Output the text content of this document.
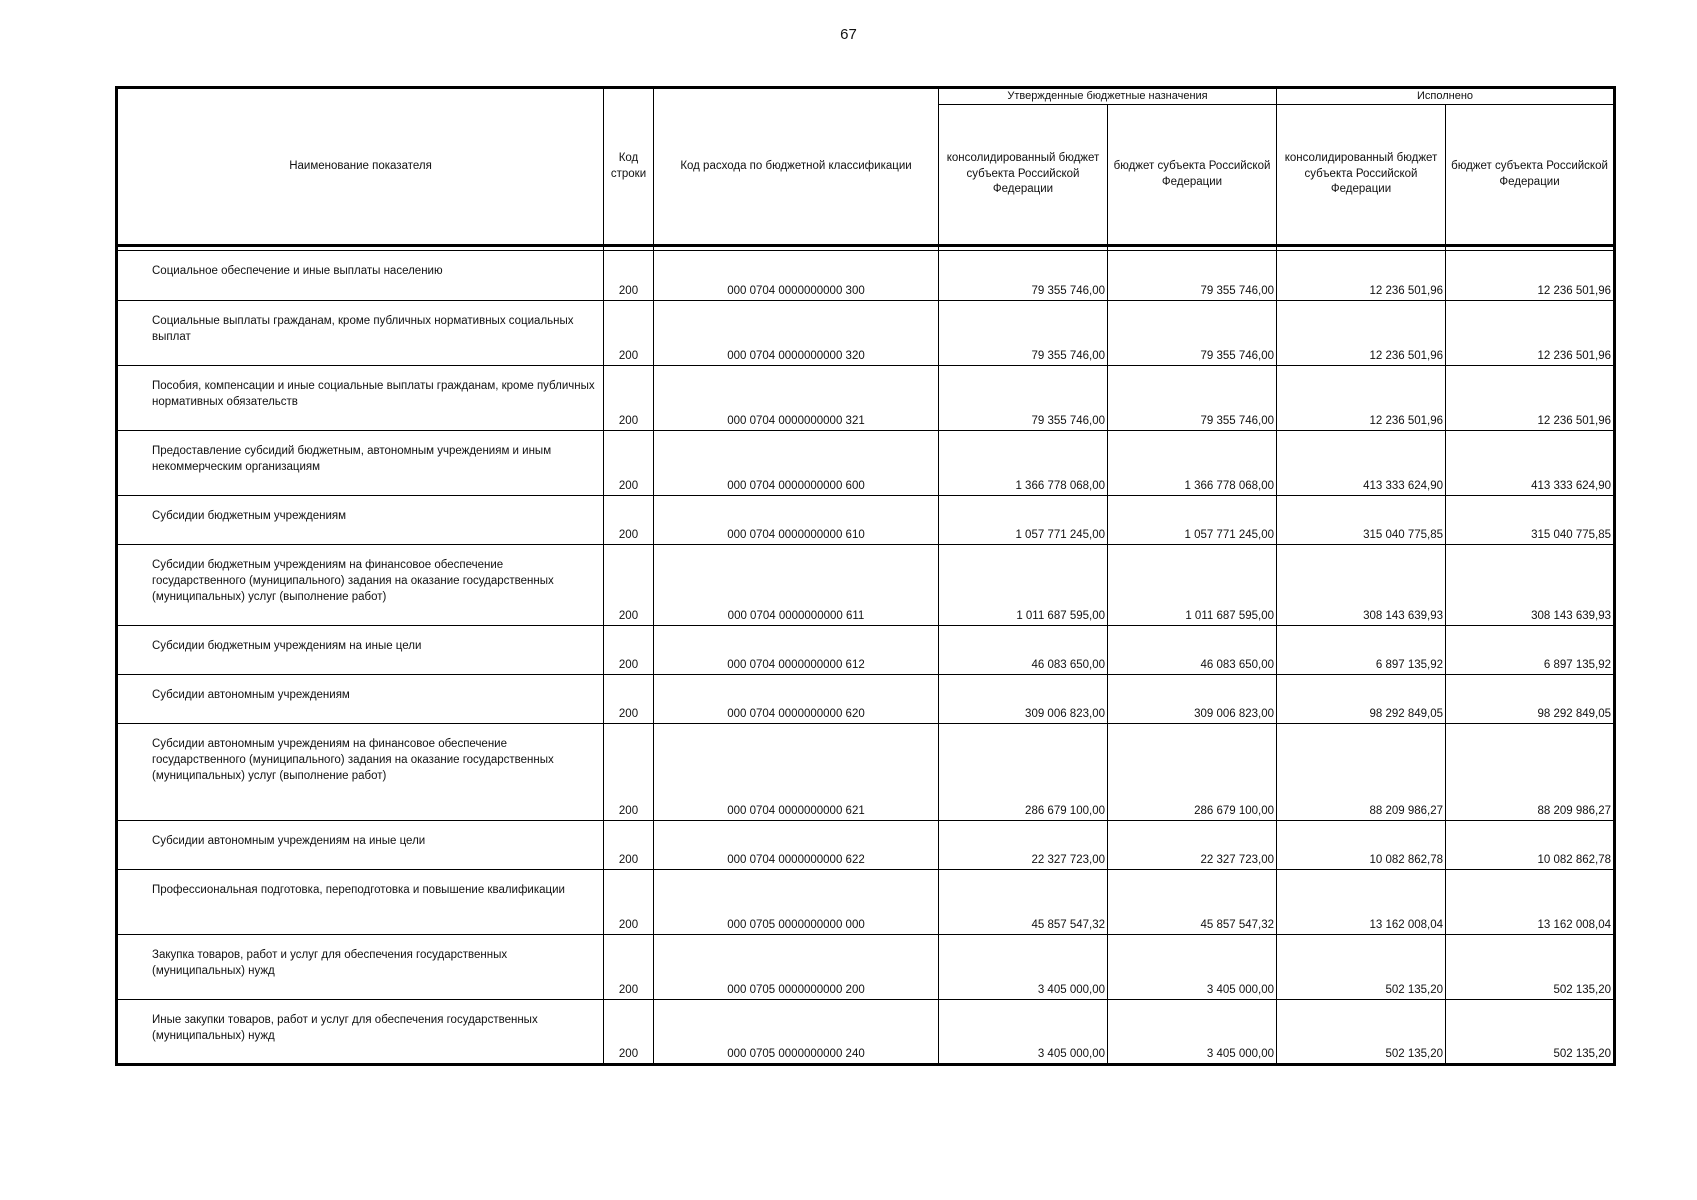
67
Наименование показателя	Код строки	Код расхода по бюджетной классификации	Утвержденные бюджетные назначения		Исполнено	
			консолидированный бюджет субъекта Российской Федерации	бюджет субъекта Российской Федерации	консолидированный бюджет субъекта Российской Федерации	бюджет субъекта Российской Федерации

Социальное обеспечение и иные выплаты населению	200	000 0704 0000000000 300	79 355 746,00	79 355 746,00	12 236 501,96	12 236 501,96
Социальные выплаты гражданам, кроме публичных нормативных социальных выплат	200	000 0704 0000000000 320	79 355 746,00	79 355 746,00	12 236 501,96	12 236 501,96
Пособия, компенсации и иные социальные выплаты гражданам, кроме публичных нормативных обязательств	200	000 0704 0000000000 321	79 355 746,00	79 355 746,00	12 236 501,96	12 236 501,96
Предоставление субсидий бюджетным, автономным учреждениям и иным некоммерческим организациям	200	000 0704 0000000000 600	1 366 778 068,00	1 366 778 068,00	413 333 624,90	413 333 624,90
Субсидии бюджетным учреждениям	200	000 0704 0000000000 610	1 057 771 245,00	1 057 771 245,00	315 040 775,85	315 040 775,85
Субсидии бюджетным учреждениям на финансовое обеспечение государственного (муниципального) задания на оказание государственных (муниципальных) услуг (выполнение работ)	200	000 0704 0000000000 611	1 011 687 595,00	1 011 687 595,00	308 143 639,93	308 143 639,93
Субсидии бюджетным учреждениям на иные цели	200	000 0704 0000000000 612	46 083 650,00	46 083 650,00	6 897 135,92	6 897 135,92
Субсидии автономным учреждениям	200	000 0704 0000000000 620	309 006 823,00	309 006 823,00	98 292 849,05	98 292 849,05
Субсидии автономным учреждениям на финансовое обеспечение государственного (муниципального) задания на оказание государственных (муниципальных) услуг (выполнение работ)	200	000 0704 0000000000 621	286 679 100,00	286 679 100,00	88 209 986,27	88 209 986,27
Субсидии автономным учреждениям на иные цели	200	000 0704 0000000000 622	22 327 723,00	22 327 723,00	10 082 862,78	10 082 862,78
Профессиональная подготовка, переподготовка и повышение квалификации	200	000 0705 0000000000 000	45 857 547,32	45 857 547,32	13 162 008,04	13 162 008,04
Закупка товаров, работ и услуг для обеспечения государственных (муниципальных) нужд	200	000 0705 0000000000 200	3 405 000,00	3 405 000,00	502 135,20	502 135,20
Иные закупки товаров, работ и услуг для обеспечения государственных (муниципальных) нужд	200	000 0705 0000000000 240	3 405 000,00	3 405 000,00	502 135,20	502 135,20
